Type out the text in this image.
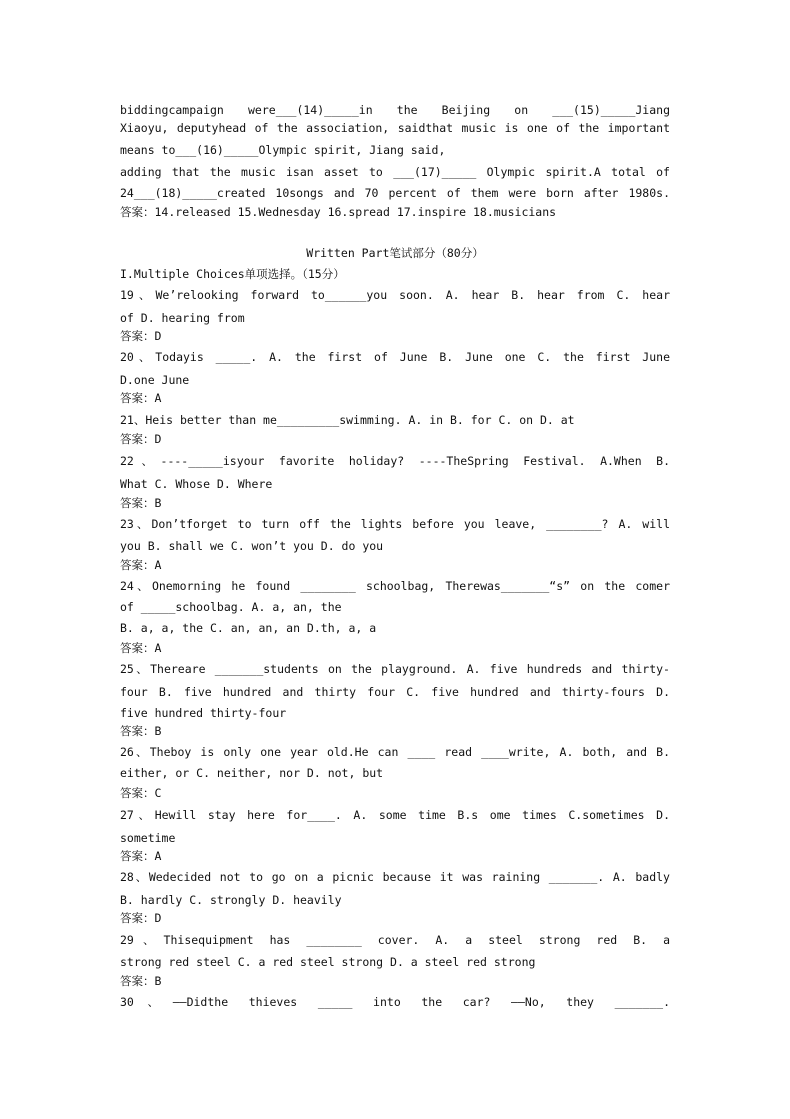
biddingcampaign were___(14)_____in the Beijing on ___(15)_____Jiang
Xiaoyu, deputyhead of the association, saidthat music is one of the important
means to___(16)_____Olympic spirit, Jiang said,
adding that the music isan asset to ___(17)_____ Olympic spirit.A total of
24___(18)_____created 10songs and 70 percent of them were born after 1980s.
答案：14.released 15.Wednesday 16.spread 17.inspire 18.musicians
Written Part笔试部分（80分）
I.Multiple Choices单项选择。（15分）
19、We’relooking forward to______you soon. A. hear B. hear from C. hear
of D. hearing from
答案：D
20、Todayis _____. A. the first of June B. June one C. the first June
D.one June
答案：A
21、Heis better than me_________swimming. A. in B. for C. on D. at
答案：D
22、----_____isyour favorite holiday? ----TheSpring Festival. A.When B.
What C. Whose D. Where
答案：B
23、Don’tforget to turn off the lights before you leave, ________? A. will
you B. shall we C. won’t you D. do you
答案：A
24、Onemorning he found ________ schoolbag, Therewas_______“s” on the comer
of _____schoolbag. A. a, an, the
B. a, a, the C. an, an, an D.th, a, a
答案：A
25、Thereare _______students on the playground. A. five hundreds and thirty-
four B. five hundred and thirty four C. five hundred and thirty-fours D.
five hundred thirty-four
答案：B
26、Theboy is only one year old.He can ____ read ____write, A. both, and B.
either, or C. neither, nor D. not, but
答案：C
27、Hewill stay here for____. A. some time B.s ome times C.sometimes D.
sometime
答案：A
28、Wedecided not to go on a picnic because it was raining _______. A. badly
B. hardly C. strongly D. heavily
答案：D
29、Thisequipment has ________ cover. A. a steel strong red B. a
strong red steel C. a red steel strong D. a steel red strong
答案：B
30、——Didthe thieves _____ into the car? ——No, they _______.
